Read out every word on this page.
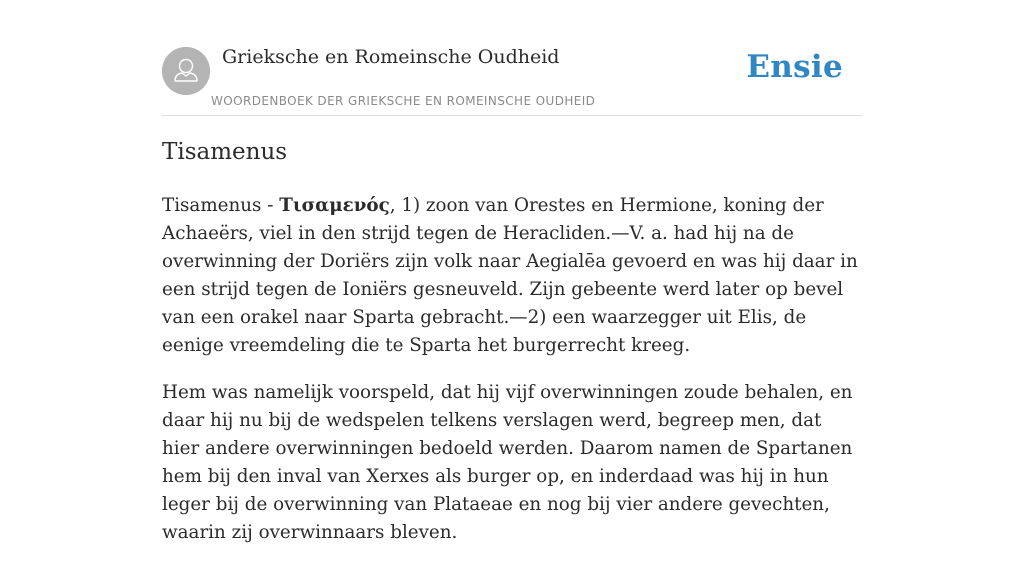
Grieksche en Romeinsche Oudheid
WOORDENBOEK DER GRIEKSCHE EN ROMEINSCHE OUDHEID
Ensie
Tisamenus

Tisamenus - Τισαμενός, 1) zoon van Orestes en Hermione, koning der Achaeërs, viel in den strijd tegen de Heracliden.—V. a. had hij na de overwinning der Doriërs zijn volk naar Aegialēa gevoerd en was hij daar in een strijd tegen de Ioniërs gesneuveld. Zijn gebeente werd later op bevel van een orakel naar Sparta gebracht.—2) een waarzegger uit Elis, de eenige vreemdeling die te Sparta het burgerrecht kreeg.

Hem was namelijk voorspeld, dat hij vijf overwinningen zoude behalen, en daar hij nu bij de wedspelen telkens verslagen werd, begreep men, dat hier andere overwinningen bedoeld werden. Daarom namen de Spartanen hem bij den inval van Xerxes als burger op, en inderdaad was hij in hun leger bij de overwinning van Plataeae en nog bij vier andere gevechten, waarin zij overwinnaars bleven.
